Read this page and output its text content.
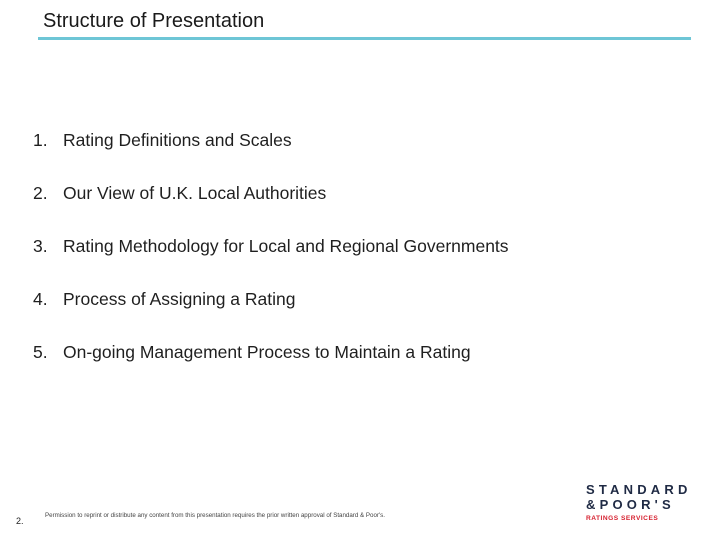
Structure of Presentation
1. Rating Definitions and Scales
2. Our View of U.K. Local Authorities
3. Rating Methodology for Local and Regional Governments
4. Process of Assigning a Rating
5. On-going Management Process to Maintain a Rating
2.
Permission to reprint or distribute any content from this presentation requires the prior written approval of Standard & Poor's.
STANDARD
&POOR'S
RATINGS SERVICES
